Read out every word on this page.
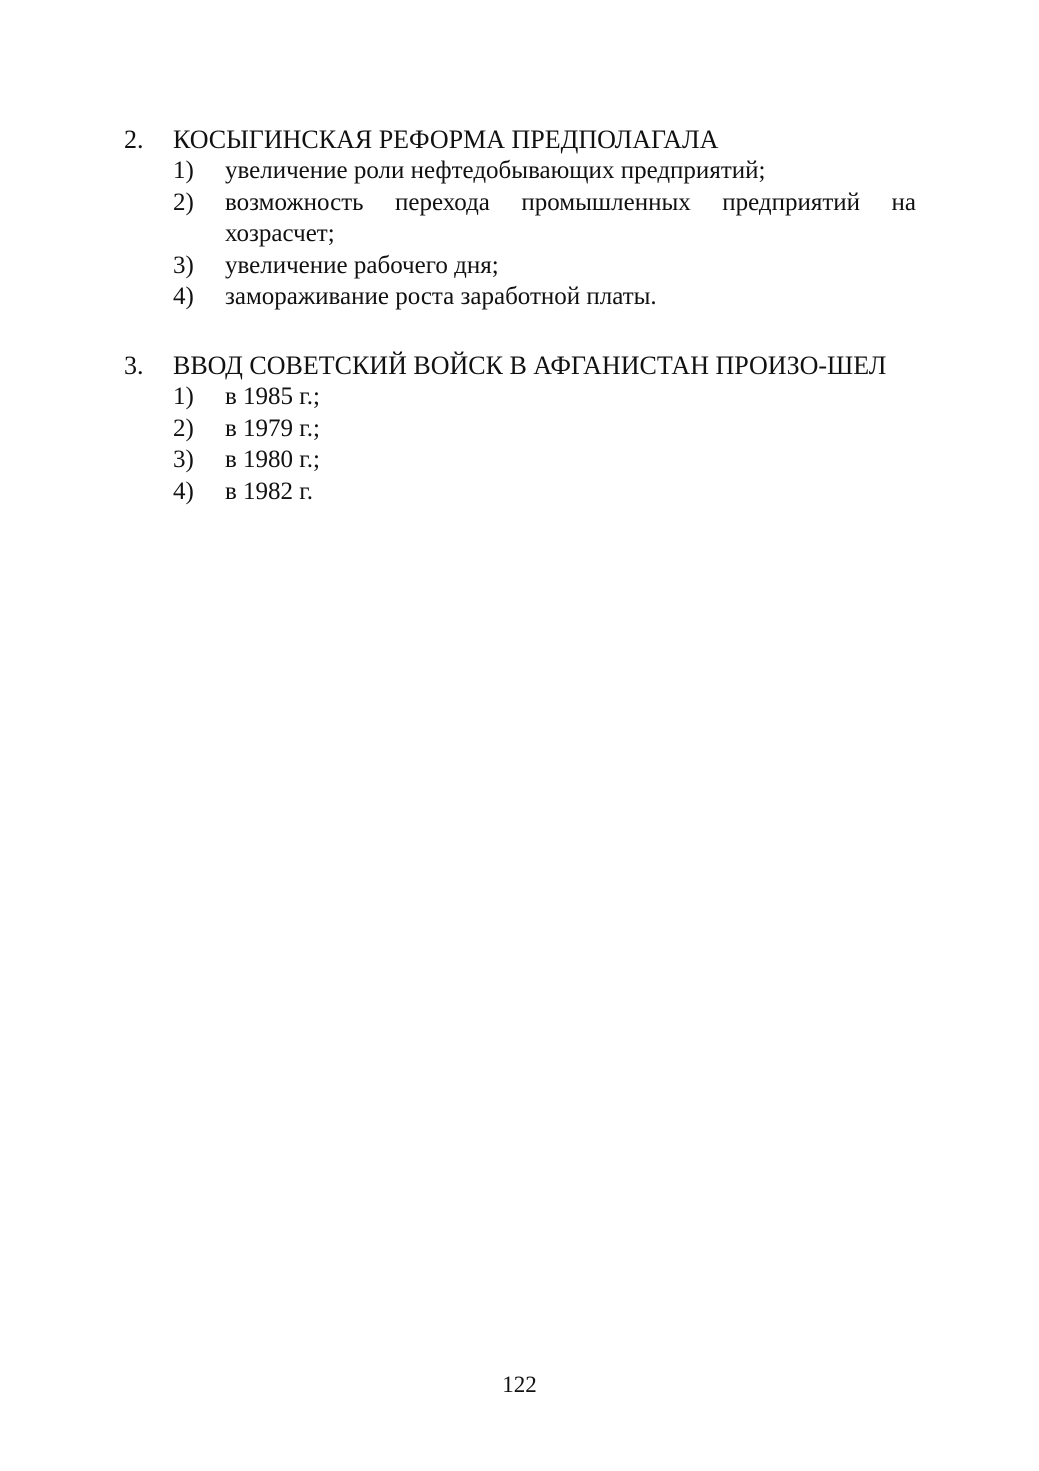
2.	КОСЫГИНСКАЯ РЕФОРМА ПРЕДПОЛАГАЛА
1)	увеличение роли нефтедобывающих предприятий;
2)	возможность перехода промышленных предприятий на хозрасчет;
3)	увеличение рабочего дня;
4)	замораживание роста заработной платы.
3.	ВВОД СОВЕТСКИЙ ВОЙСК В АФГАНИСТАН ПРОИЗО-ШЕЛ
1)	в 1985 г.;
2)	в 1979 г.;
3)	в 1980 г.;
4)	в 1982 г.
122
